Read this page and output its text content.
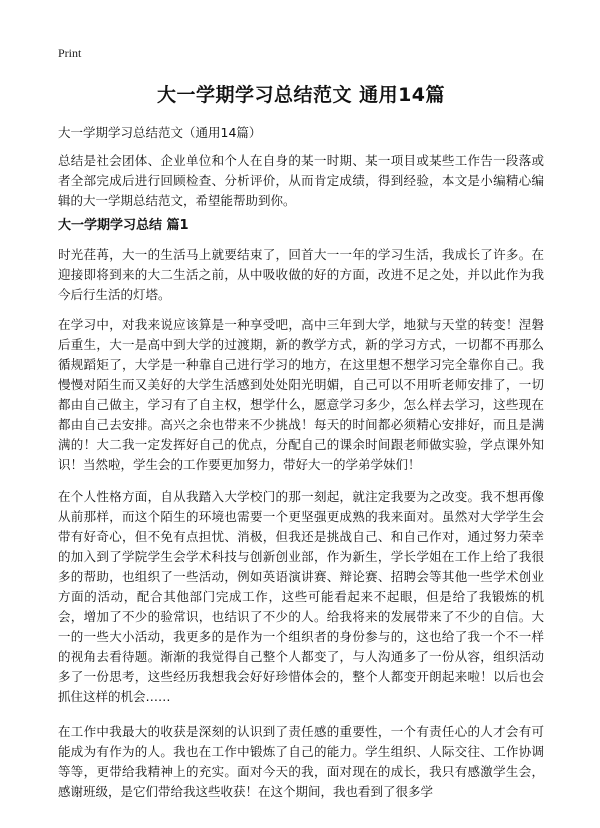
Print
大一学期学习总结范文 通用14篇

大一学期学习总结范文（通用14篇）

总结是社会团体、企业单位和个人在自身的某一时期、某一项目或某些工作告一段落或者全部完成后进行回顾检查、分析评价，从而肯定成绩，得到经验，本文是小编精心编辑的大一学期总结范文，希望能帮助到你。

大一学期学习总结 篇1

时光荏苒，大一的生活马上就要结束了，回首大一一年的学习生活，我成长了许多。在迎接即将到来的大二生活之前，从中吸收做的好的方面，改进不足之处，并以此作为我今后行生活的灯塔。

在学习中，对我来说应该算是一种享受吧，高中三年到大学，地狱与天堂的转变！涅磐后重生，大一是高中到大学的过渡期，新的教学方式，新的学习方式，一切都不再那么循规蹈矩了，大学是一种靠自己进行学习的地方，在这里想不想学习完全靠你自己。我慢慢对陌生而又美好的大学生活感到处处阳光明媚，自己可以不用听老师安排了，一切都由自己做主，学习有了自主权，想学什么，愿意学习多少，怎么样去学习，这些现在都由自己去安排。高兴之余也带来不少挑战！每天的时间都必须精心安排好，而且是满满的！大二我一定发挥好自己的优点，分配自己的课余时间跟老师做实验，学点课外知识！当然啦，学生会的工作要更加努力，带好大一的学弟学妹们！

在个人性格方面，自从我踏入大学校门的那一刻起，就注定我要为之改变。我不想再像从前那样，而这个陌生的环境也需要一个更坚强更成熟的我来面对。虽然对大学学生会带有好奇心，但不免有点担忧、消极，但我还是挑战自己、和自己作对，通过努力荣幸的加入到了学院学生会学术科技与创新创业部，作为新生，学长学姐在工作上给了我很多的帮助，也组织了一些活动，例如英语演讲赛、辩论赛、招聘会等其他一些学术创业方面的活动，配合其他部门完成工作，这些可能看起来不起眼，但是给了我锻炼的机会，增加了不少的验常识，也结识了不少的人。给我将来的发展带来了不少的自信。大一的一些大小活动，我更多的是作为一个组织者的身份参与的，这也给了我一个不一样的视角去看待题。渐渐的我觉得自己整个人都变了，与人沟通多了一份从容，组织活动多了一份思考，这些经历我想我会好好珍惜体会的，整个人都变开朗起来啦！以后也会抓住这样的机会……

在工作中我最大的收获是深刻的认识到了责任感的重要性，一个有责任心的人才会有可能成为有作为的人。我也在工作中锻炼了自己的能力。学生组织、人际交往、工作协调等等，更带给我精神上的充实。面对今天的我，面对现在的成长，我只有感激学生会，感谢班级，是它们带给我这些收获！在这个期间，我也看到了很多学
